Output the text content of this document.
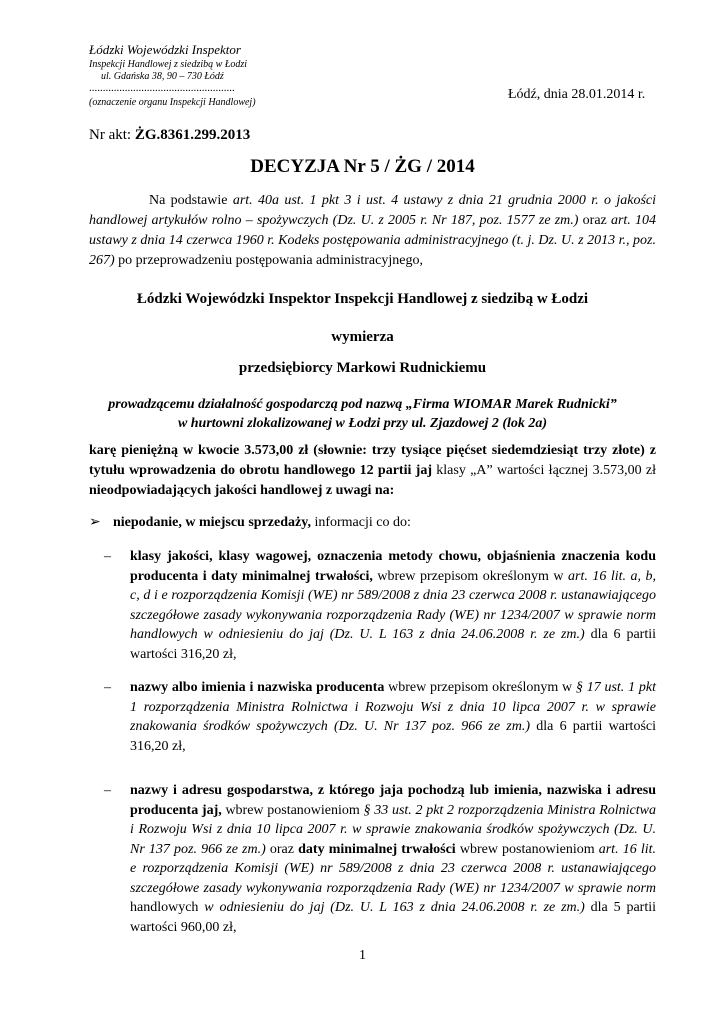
Łódzki Wojewódzki Inspektor
Inspekcji Handlowej z siedzibą w Łodzi
ul. Gdańska 38, 90 – 730 Łódź
.....................................................
(oznaczenie organu Inspekcji Handlowej)
Łódź, dnia 28.01.2014 r.
Nr akt: ŻG.8361.299.2013
DECYZJA Nr 5 / ŻG / 2014
Na podstawie art. 40a ust. 1 pkt 3 i ust. 4 ustawy z dnia 21 grudnia 2000 r. o jakości handlowej artykułów rolno – spożywczych (Dz. U. z 2005 r. Nr 187, poz. 1577 ze zm.) oraz art. 104 ustawy z dnia 14 czerwca 1960 r. Kodeks postępowania administracyjnego (t. j. Dz. U. z 2013 r., poz. 267) po przeprowadzeniu postępowania administracyjnego,
Łódzki Wojewódzki Inspektor Inspekcji Handlowej z siedzibą w Łodzi
wymierza
przedsiębiorcy Markowi Rudnickiemu
prowadzącemu działalność gospodarczą pod nazwą „Firma WIOMAR Marek Rudnicki”
w hurtowni zlokalizowanej w Łodzi przy ul. Zjazdowej 2 (lok 2a)
karę pieniężną w kwocie 3.573,00 zł (słownie: trzy tysiące pięćset siedemdziesiąt trzy złote) z tytułu wprowadzenia do obrotu handlowego 12 partii jaj klasy „A” wartości łącznej 3.573,00 zł nieodpowiadających jakości handlowej z uwagi na:
➢ niepodanie, w miejscu sprzedaży, informacji co do:
– klasy jakości, klasy wagowej, oznaczenia metody chowu, objaśnienia znaczenia kodu producenta i daty minimalnej trwałości, wbrew przepisom określonym w art. 16 lit. a, b, c, d i e rozporządzenia Komisji (WE) nr 589/2008 z dnia 23 czerwca 2008 r. ustanawiającego szczegółowe zasady wykonywania rozporządzenia Rady (WE) nr 1234/2007 w sprawie norm handlowych w odniesieniu do jaj (Dz. U. L 163 z dnia 24.06.2008 r. ze zm.) dla 6 partii wartości 316,20 zł,
– nazwy albo imienia i nazwiska producenta wbrew przepisom określonym w § 17 ust. 1 pkt 1 rozporządzenia Ministra Rolnictwa i Rozwoju Wsi z dnia 10 lipca 2007 r. w sprawie znakowania środków spożywczych (Dz. U. Nr 137 poz. 966 ze zm.) dla 6 partii wartości 316,20 zł,
– nazwy i adresu gospodarstwa, z którego jaja pochodzą lub imienia, nazwiska i adresu producenta jaj, wbrew postanowieniom § 33 ust. 2 pkt 2 rozporządzenia Ministra Rolnictwa i Rozwoju Wsi z dnia 10 lipca 2007 r. w sprawie znakowania środków spożywczych (Dz. U. Nr 137 poz. 966 ze zm.) oraz daty minimalnej trwałości wbrew postanowieniom art. 16 lit. e rozporządzenia Komisji (WE) nr 589/2008 z dnia 23 czerwca 2008 r. ustanawiającego szczegółowe zasady wykonywania rozporządzenia Rady (WE) nr 1234/2007 w sprawie norm handlowych w odniesieniu do jaj (Dz. U. L 163 z dnia 24.06.2008 r. ze zm.) dla 5 partii wartości 960,00 zł,
1
